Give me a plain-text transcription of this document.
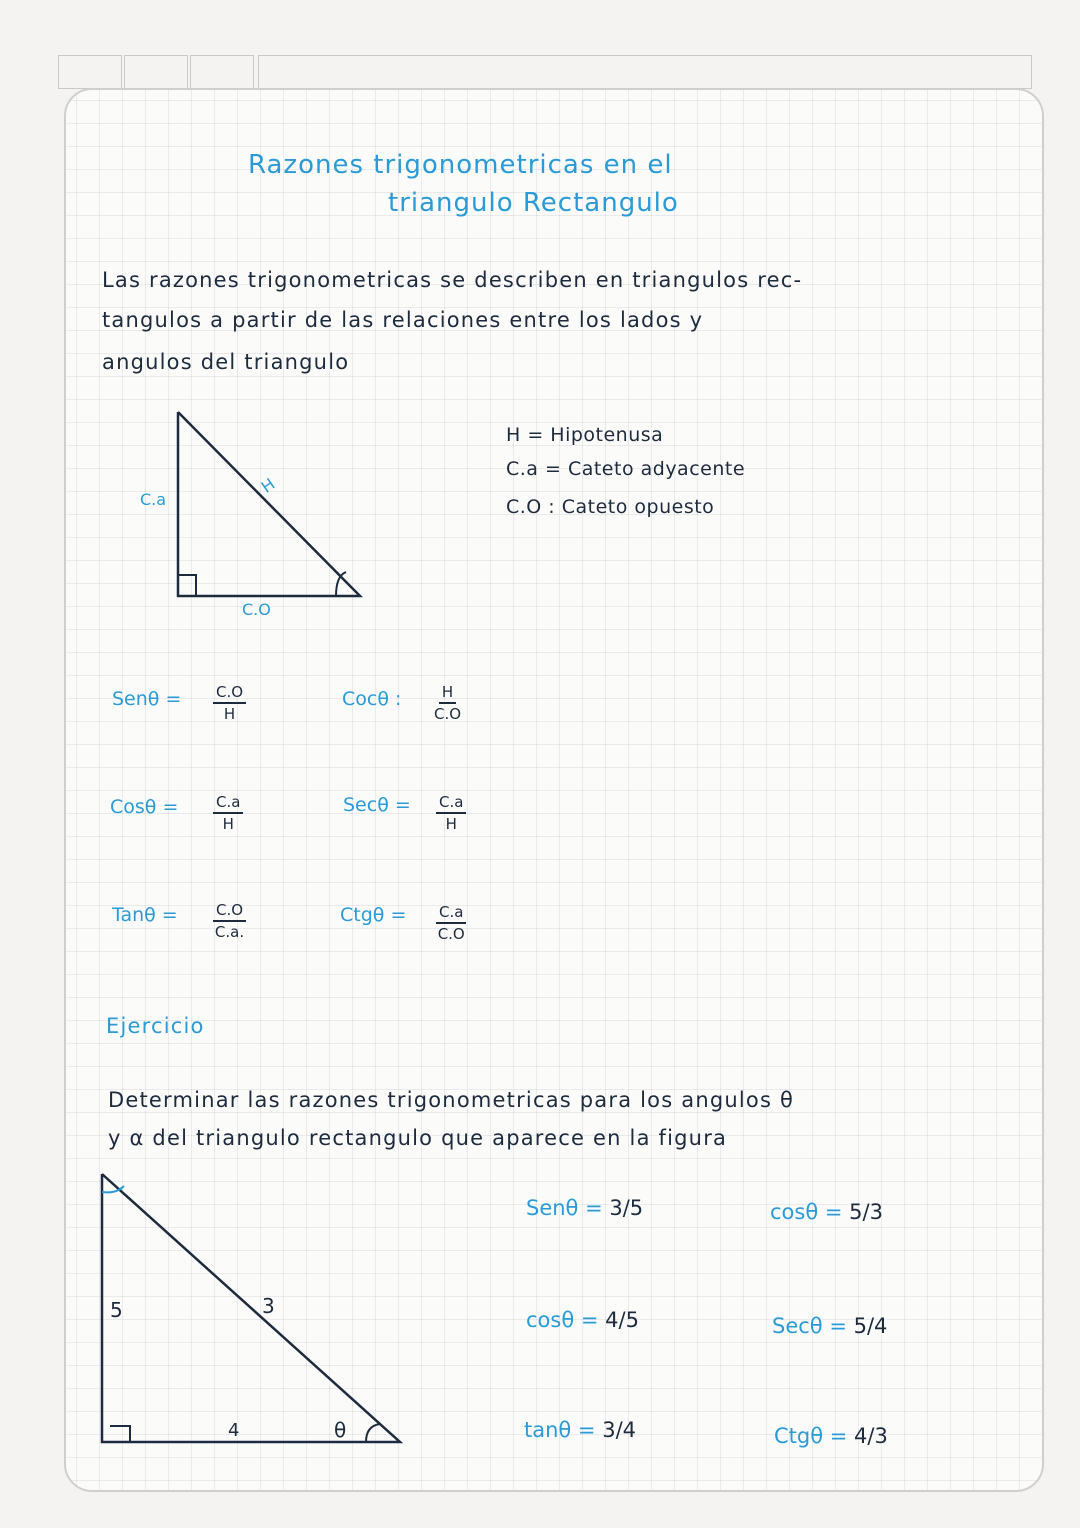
Razones trigonometricas en el
triangulo Rectangulo
Las razones trigonometricas se describen en triangulos rec-
tangulos a partir de las relaciones entre los lados y
angulos del triangulo
H
C.a
C.O
H = Hipotenusa
C.a = Cateto adyacente
C.O : Cateto opuesto
$Sen\theta = \frac{C.O}{H}$	Cocθ : $\frac{H}{C.O}$
$Cos\theta = \frac{C.a}{H}$	$Sec\theta = \frac{C.a}{H}$
$Tan\theta = \frac{C.O}{C.a.}$	$Ctg\theta = \frac{C.a}{C.O}$
Ejercicio
Determinar las razones trigonometricas para los angulos θ
y α del triangulo rectangulo que aparece en la figura
5	3
4	θ
Senθ = 3/5	cosθ = 5/3
cosθ = 4/5	Secθ = 5/4
tanθ = 3/4	Ctgθ = 4/3
